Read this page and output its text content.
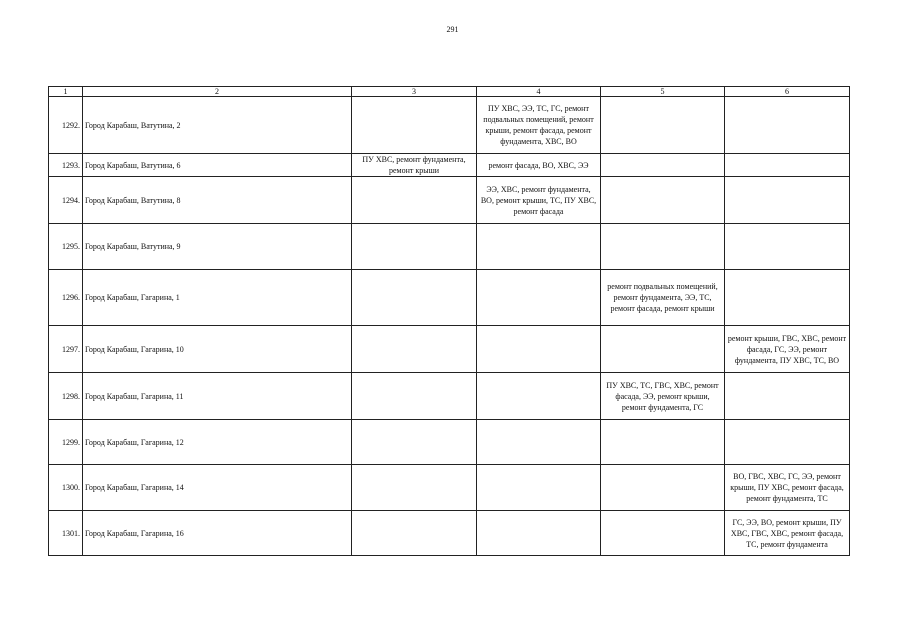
291
1	2	3	4	5	6
1292.	Город Карабаш, Ватутина, 2		ПУ ХВС, ЭЭ, ТС, ГС, ремонт подвальных помещений, ремонт крыши, ремонт фасада, ремонт фундамента, ХВС, ВО		
1293.	Город Карабаш, Ватутина, 6	ПУ ХВС, ремонт фундамента, ремонт крыши	ремонт фасада, ВО, ХВС, ЭЭ		
1294.	Город Карабаш, Ватутина, 8		ЭЭ, ХВС, ремонт фундамента, ВО, ремонт крыши, ТС, ПУ ХВС, ремонт фасада		
1295.	Город Карабаш, Ватутина, 9				
1296.	Город Карабаш, Гагарина, 1			ремонт подвальных помещений, ремонт фундамента, ЭЭ, ТС, ремонт фасада, ремонт крыши	
1297.	Город Карабаш, Гагарина, 10				ремонт крыши, ГВС, ХВС, ремонт фасада, ГС, ЭЭ, ремонт фундамента, ПУ ХВС, ТС, ВО
1298.	Город Карабаш, Гагарина, 11			ПУ ХВС, ТС, ГВС, ХВС, ремонт фасада, ЭЭ, ремонт крыши, ремонт фундамента, ГС	
1299.	Город Карабаш, Гагарина, 12				
1300.	Город Карабаш, Гагарина, 14				ВО, ГВС, ХВС, ГС, ЭЭ, ремонт крыши, ПУ ХВС, ремонт фасада, ремонт фундамента, ТС
1301.	Город Карабаш, Гагарина, 16				ГС, ЭЭ, ВО, ремонт крыши, ПУ ХВС, ГВС, ХВС, ремонт фасада, ТС, ремонт фундамента
